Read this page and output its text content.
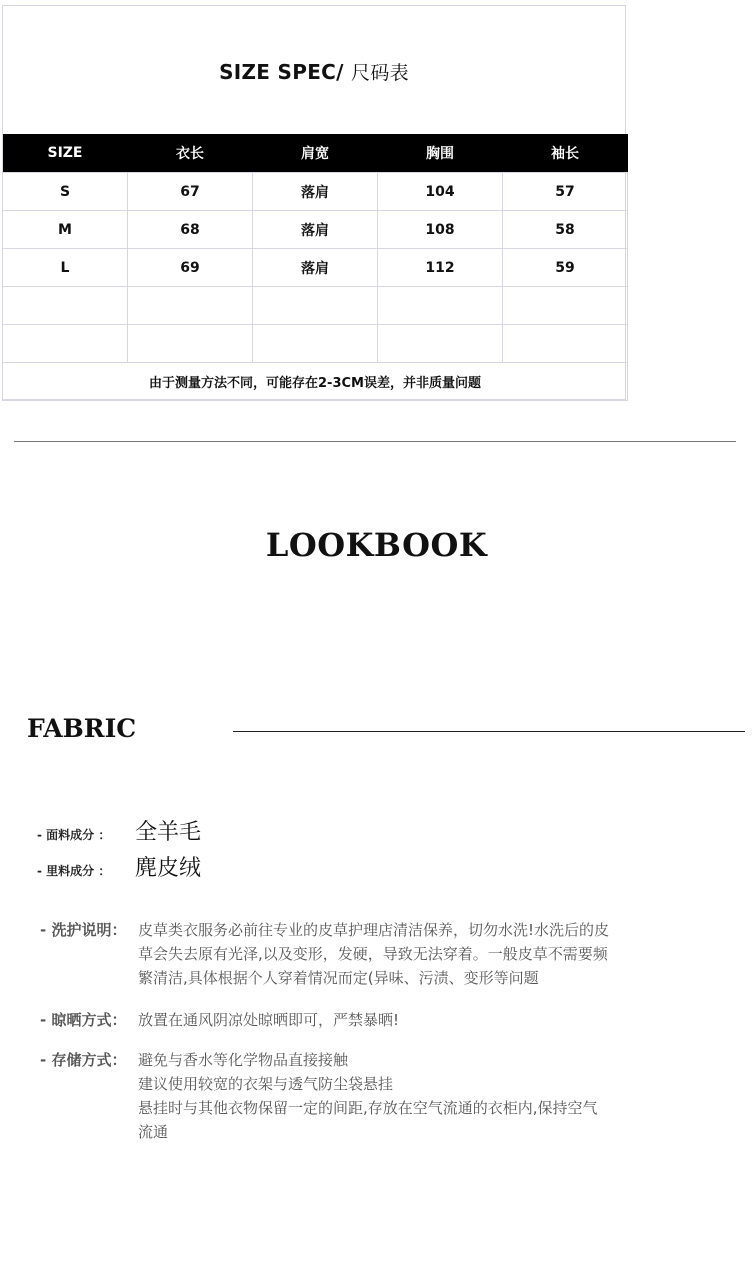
SIZE SPEC/ 尺码表
SIZE	衣长	肩宽	胸围	袖长
S	67	落肩	104	57
M	68	落肩	108	58
L	69	落肩	112	59

由于测量方法不同，可能存在2-3CM误差，并非质量问题				
LOOKBOOK
FABRIC
- 面料成分 ：	全羊毛
- 里料成分 ：	麂皮绒
- 洗护说明： 皮草类衣服务必前往专业的皮草护理店清洁保养，切勿水洗!水洗后的皮
草会失去原有光泽,以及变形，发硬，导致无法穿着。一般皮草不需要频
繁清洁,具体根据个人穿着情况而定(异味、污渍、变形等问题
- 晾晒方式： 放置在通风阴凉处晾晒即可，严禁暴晒!
- 存储方式： 避免与香水等化学物品直接接触
建议使用较宽的衣架与透气防尘袋悬挂
悬挂时与其他衣物保留一定的间距,存放在空气流通的衣柜内,保持空气
流通
